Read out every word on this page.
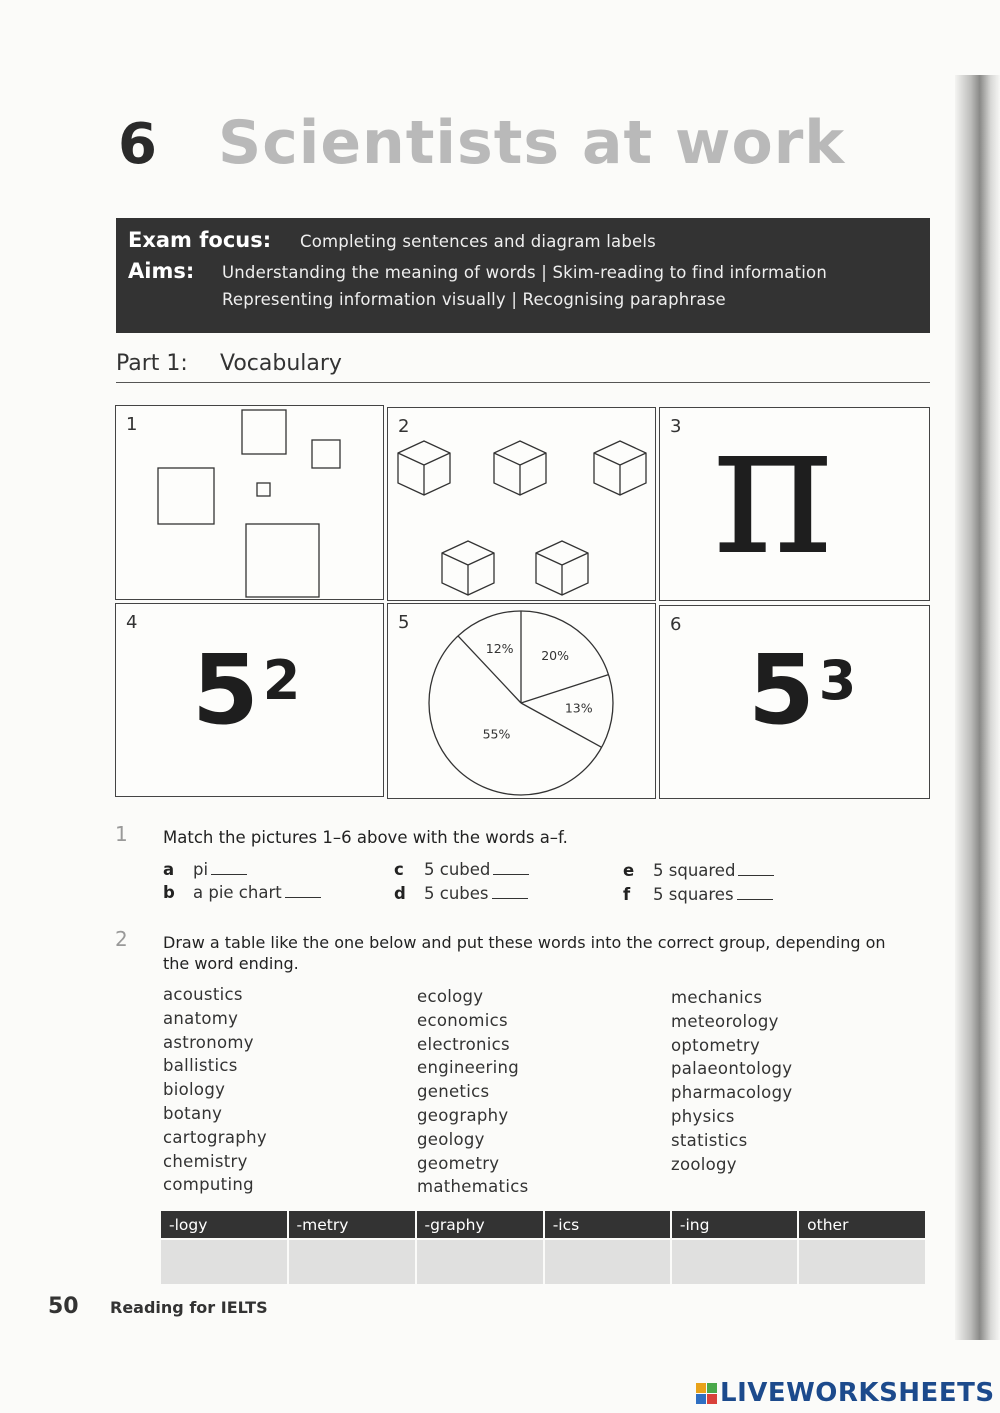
6	Scientists at work
Exam focus:	Completing sentences and diagram labels
Aims:	Understanding the meaning of words | Skim-reading to find information
Representing information visually | Recognising paraphrase
Part 1:	Vocabulary
1	2	3 π
4
$5^2$
5
12% 20%
13%
55%
6
$5^3$
1 Match the pictures 1–6 above with the words a–f.
a pi
b a pie chart
c 5 cubed
d 5 cubes
e 5 squared
f 5 squares
2 Draw a table like the one below and put these words into the correct group, depending on
the word ending.
acoustics
anatomy
astronomy
ballistics
biology
botany
cartography
chemistry
computing
ecology
economics
electronics
engineering
genetics
geography
geology
geometry
mathematics
mechanics
meteorology
optometry
palaeontology
pharmacology
physics
statistics
zoology
-logy	-metry	-graphy	-ics	-ing	other

50 Reading for IELTS
LIVEWORKSHEETS
